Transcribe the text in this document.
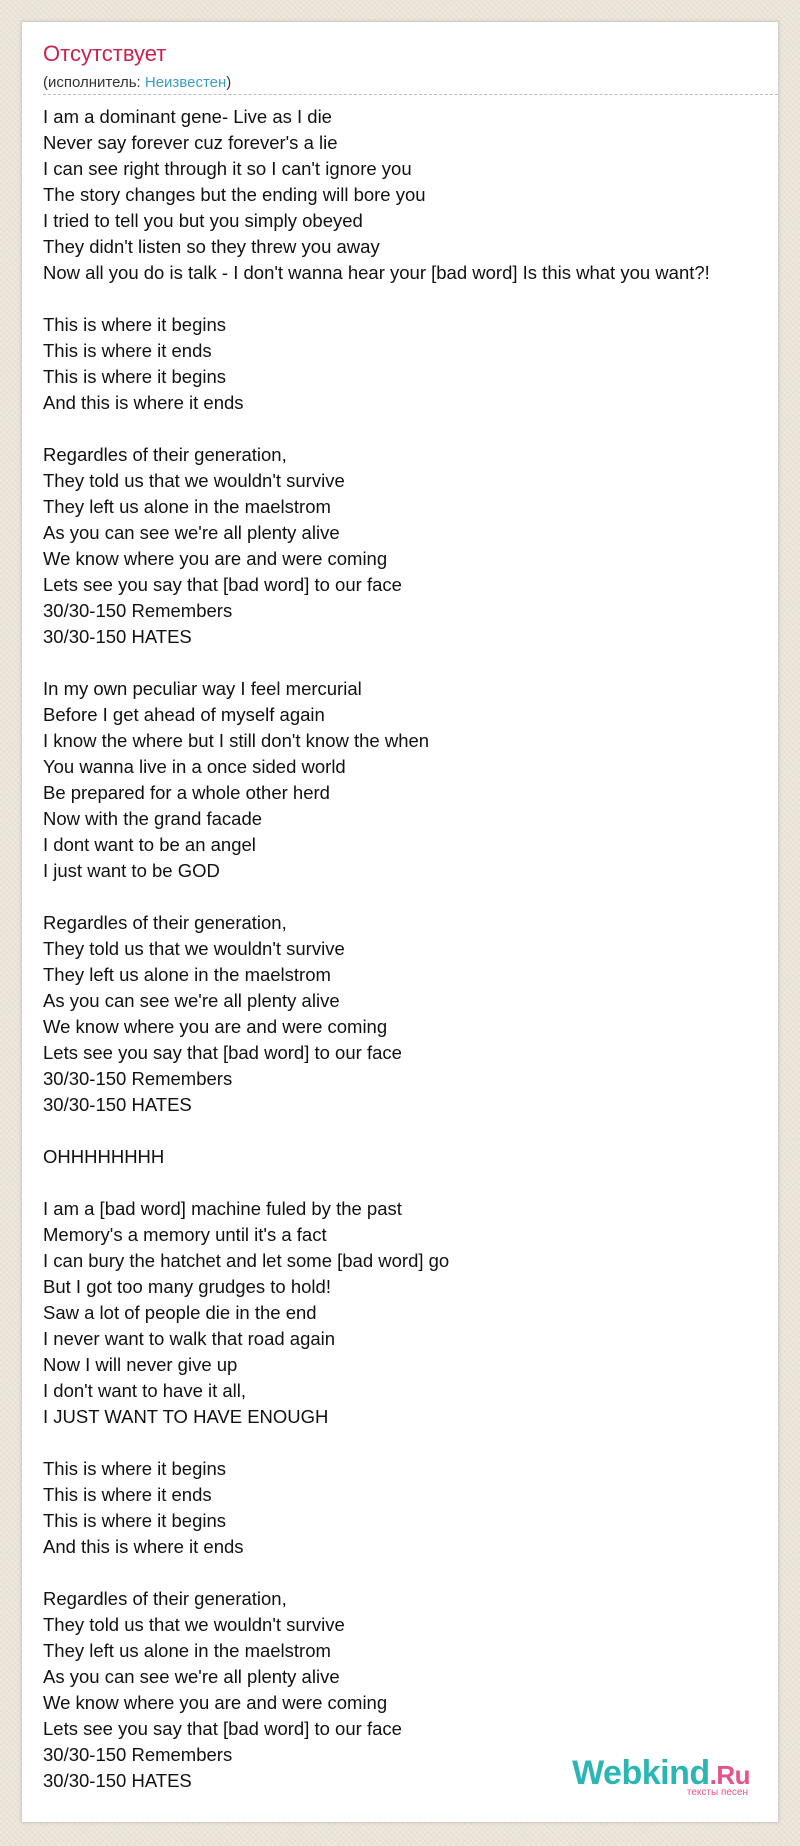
Отсутствует
(исполнитель: Неизвестен)
I am a dominant gene- Live as I die
Never say forever cuz forever's a lie
I can see right through it so I can't ignore you
The story changes but the ending will bore you
I tried to tell you but you simply obeyed
They didn't listen so they threw you away
Now all you do is talk - I don't wanna hear your [bad word] Is this what you want?!
This is where it begins
This is where it ends
This is where it begins
And this is where it ends
Regardles of their generation,
They told us that we wouldn't survive
They left us alone in the maelstrom
As you can see we're all plenty alive
We know where you are and were coming
Lets see you say that [bad word] to our face
30/30-150 Remembers
30/30-150 HATES
In my own peculiar way I feel mercurial
Before I get ahead of myself again
I know the where but I still don't know the when
You wanna live in a once sided world
Be prepared for a whole other herd
Now with the grand facade
I dont want to be an angel
I just want to be GOD
Regardles of their generation,
They told us that we wouldn't survive
They left us alone in the maelstrom
As you can see we're all plenty alive
We know where you are and were coming
Lets see you say that [bad word] to our face
30/30-150 Remembers
30/30-150 HATES
OHHHHHHHH
I am a [bad word] machine fuled by the past
Memory's a memory until it's a fact
I can bury the hatchet and let some [bad word] go
But I got too many grudges to hold!
Saw a lot of people die in the end
I never want to walk that road again
Now I will never give up
I don't want to have it all,
I JUST WANT TO HAVE ENOUGH
This is where it begins
This is where it ends
This is where it begins
And this is where it ends
Regardles of their generation,
They told us that we wouldn't survive
They left us alone in the maelstrom
As you can see we're all plenty alive
We know where you are and were coming
Lets see you say that [bad word] to our face
30/30-150 Remembers
30/30-150 HATES	Webkind.Ru
тексты песен
